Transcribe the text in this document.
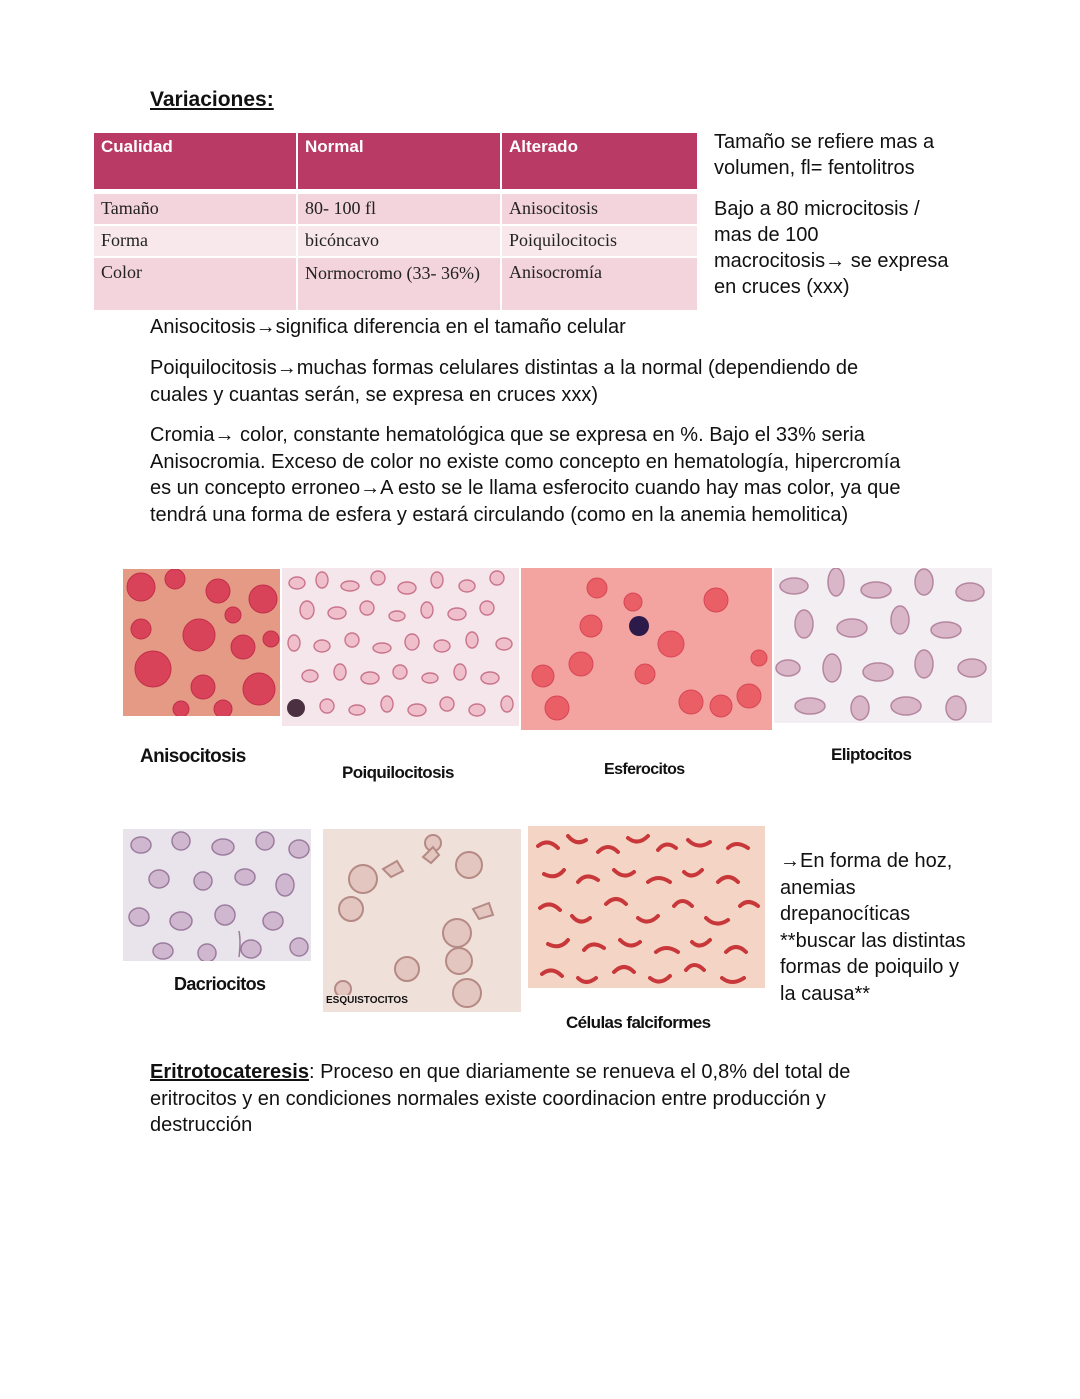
Variaciones:
Cualidad	Normal	Alterado

Tamaño	80- 100 fl	Anisocitosis
Forma	bicóncavo	Poiquilocitocis
Color	Normocromo (33- 36%)	Anisocromía
Tamaño se refiere mas a volumen, fl= fentolitros
Bajo a 80 microcitosis / mas de 100 macrocitosis→ se expresa en cruces (xxx)
Anisocitosis→significa diferencia en el tamaño celular
Poiquilocitosis→muchas formas celulares distintas a la normal (dependiendo de cuales y cuantas serán, se expresa en cruces xxx)
Cromia→ color, constante hematológica que se expresa en %. Bajo el 33% seria Anisocromia. Exceso de color no existe como concepto en hematología, hipercromía es un concepto erroneo→A esto se le llama esferocito cuando hay mas color, ya que tendrá una forma de esfera y estará circulando (como en la anemia hemolitica)
Anisocitosis
Poiquilocitosis	Esferocitos
Eliptocitos
Dacriocitos
ESQUISTOCITOS
Células falciformes
→En forma de hoz, anemias drepanocíticas **buscar las distintas formas de poiquilo y la causa**
Eritrotocateresis: Proceso en que diariamente se renueva el 0,8% del total de eritrocitos y en condiciones normales existe coordinacion entre producción y destrucción
